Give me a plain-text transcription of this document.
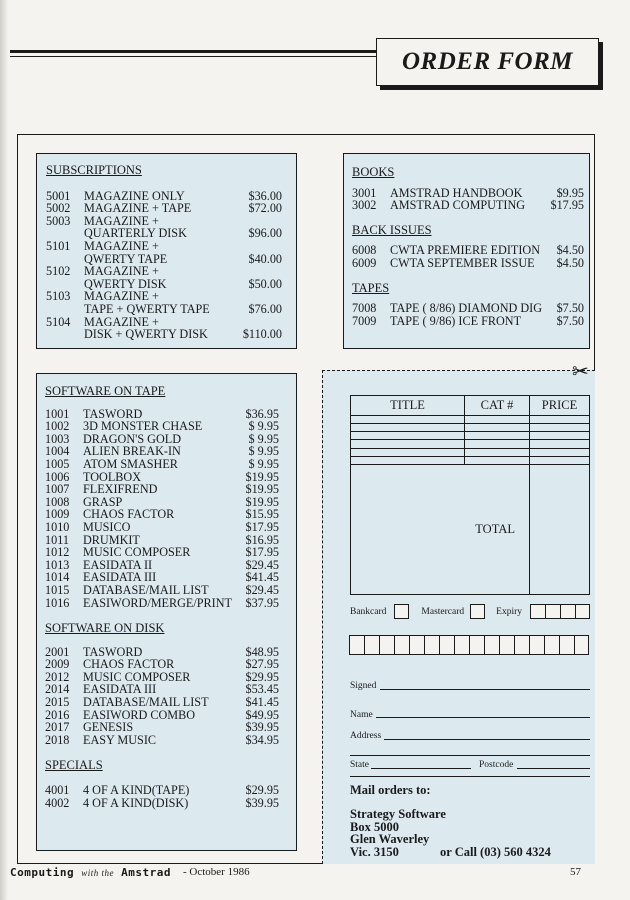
ORDER FORM
SUBSCRIPTIONS
5001	MAGAZINE ONLY	$36.00
5002	MAGAZINE + TAPE	$72.00
5003	MAGAZINE +
QUARTERLY DISK	$96.00
5101	MAGAZINE +
QWERTY TAPE	$40.00
5102	MAGAZINE +
QWERTY DISK	$50.00
5103	MAGAZINE +
TAPE + QWERTY TAPE	$76.00
5104	MAGAZINE +
DISK + QWERTY DISK	$110.00
BOOKS
3001	AMSTRAD HANDBOOK	$9.95
3002	AMSTRAD COMPUTING	$17.95
BACK ISSUES
6008	CWTA PREMIERE EDITION	$4.50
6009	CWTA SEPTEMBER ISSUE	$4.50
TAPES
7008	TAPE ( 8/86) DIAMOND DIG	$7.50
7009	TAPE ( 9/86) ICE FRONT	$7.50
SOFTWARE ON TAPE
1001	TASWORD	$36.95
1002	3D MONSTER CHASE	$ 9.95
1003	DRAGON'S GOLD	$ 9.95
1004	ALIEN BREAK-IN	$ 9.95
1005	ATOM SMASHER	$ 9.95
1006	TOOLBOX	$19.95
1007	FLEXIFREND	$19.95
1008	GRASP	$19.95
1009	CHAOS FACTOR	$15.95
1010	MUSICO	$17.95
1011	DRUMKIT	$16.95
1012	MUSIC COMPOSER	$17.95
1013	EASIDATA II	$29.45
1014	EASIDATA III	$41.45
1015	DATABASE/MAIL LIST	$29.45
1016	EASIWORD/MERGE/PRINT	$37.95
SOFTWARE ON DISK
2001	TASWORD	$48.95
2009	CHAOS FACTOR	$27.95
2012	MUSIC COMPOSER	$29.95
2014	EASIDATA III	$53.45
2015	DATABASE/MAIL LIST	$41.45
2016	EASIWORD COMBO	$49.95
2017	GENESIS	$39.95
2018	EASY MUSIC	$34.95
SPECIALS
4001	4 OF A KIND(TAPE)	$29.95
4002	4 OF A KIND(DISK)	$39.95
✂
TITLE	CAT #	PRICE

TOTAL		
Bankcard	Mastercard	Expiry
Signed
Name
Address
State	Postcode
Mail orders to:
Strategy Software
Box 5000
Glen Waverley
Vic. 3150	or Call (03) 560 4324
Computing with the Amstrad - October 1986	57
